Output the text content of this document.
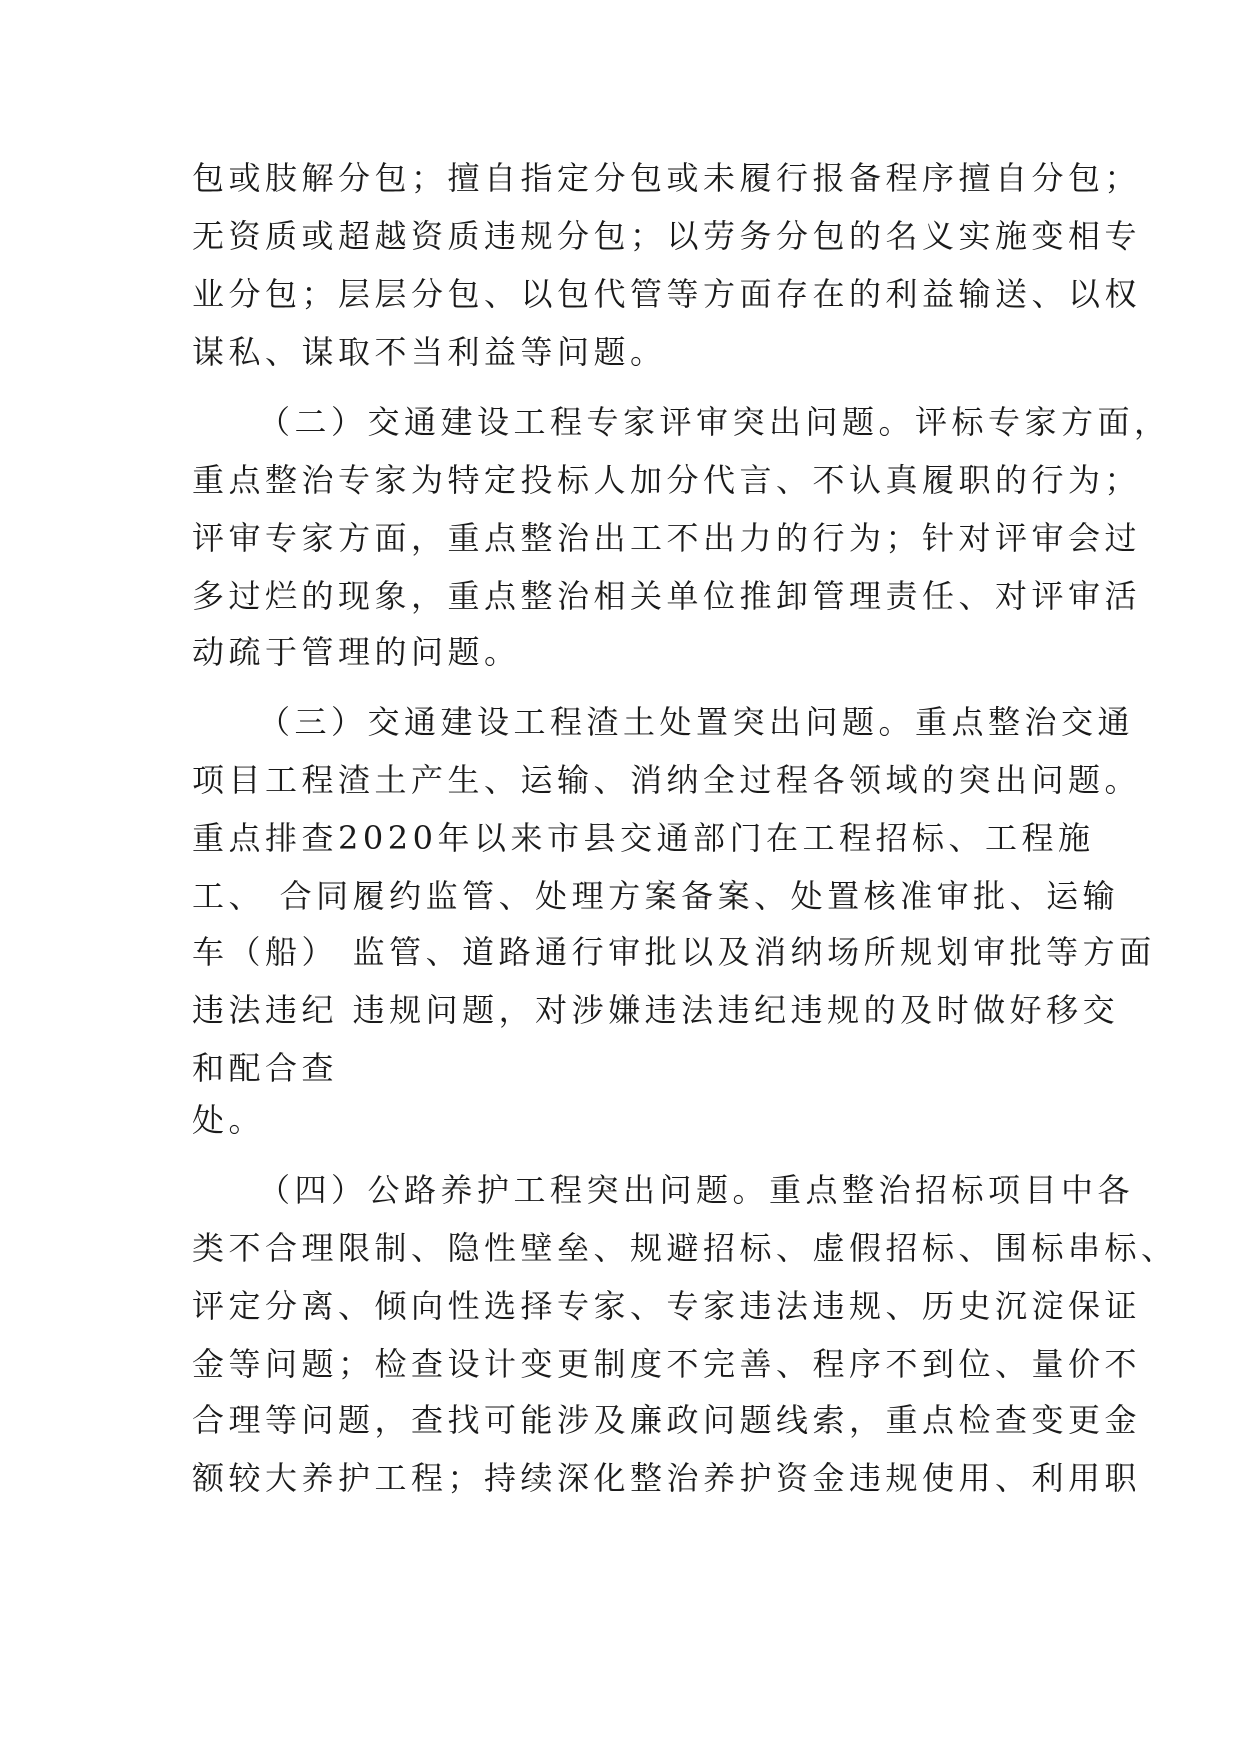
包或肢解分包；擅自指定分包或未履行报备程序擅自分包；

无资质或超越资质违规分包；以劳务分包的名义实施变相专

业分包；层层分包、以包代管等方面存在的利益输送、以权

谋私、谋取不当利益等问题。

（二）交通建设工程专家评审突出问题。评标专家方面，

重点整治专家为特定投标人加分代言、不认真履职的行为；

评审专家方面，重点整治出工不出力的行为；针对评审会过

多过烂的现象，重点整治相关单位推卸管理责任、对评审活

动疏于管理的问题。

（三）交通建设工程渣土处置突出问题。重点整治交通

项目工程渣土产生、运输、消纳全过程各领域的突出问题。

重点排查2020年以来市县交通部门在工程招标、工程施

工、 合同履约监管、处理方案备案、处置核准审批、运输

车（船） 监管、道路通行审批以及消纳场所规划审批等方面

违法违纪 违规问题，对涉嫌违法违纪违规的及时做好移交

和配合查

处。

（四）公路养护工程突出问题。重点整治招标项目中各

类不合理限制、隐性壁垒、规避招标、虚假招标、围标串标、

评定分离、倾向性选择专家、专家违法违规、历史沉淀保证

金等问题；检查设计变更制度不完善、程序不到位、量价不

合理等问题，查找可能涉及廉政问题线索，重点检查变更金

额较大养护工程；持续深化整治养护资金违规使用、利用职
